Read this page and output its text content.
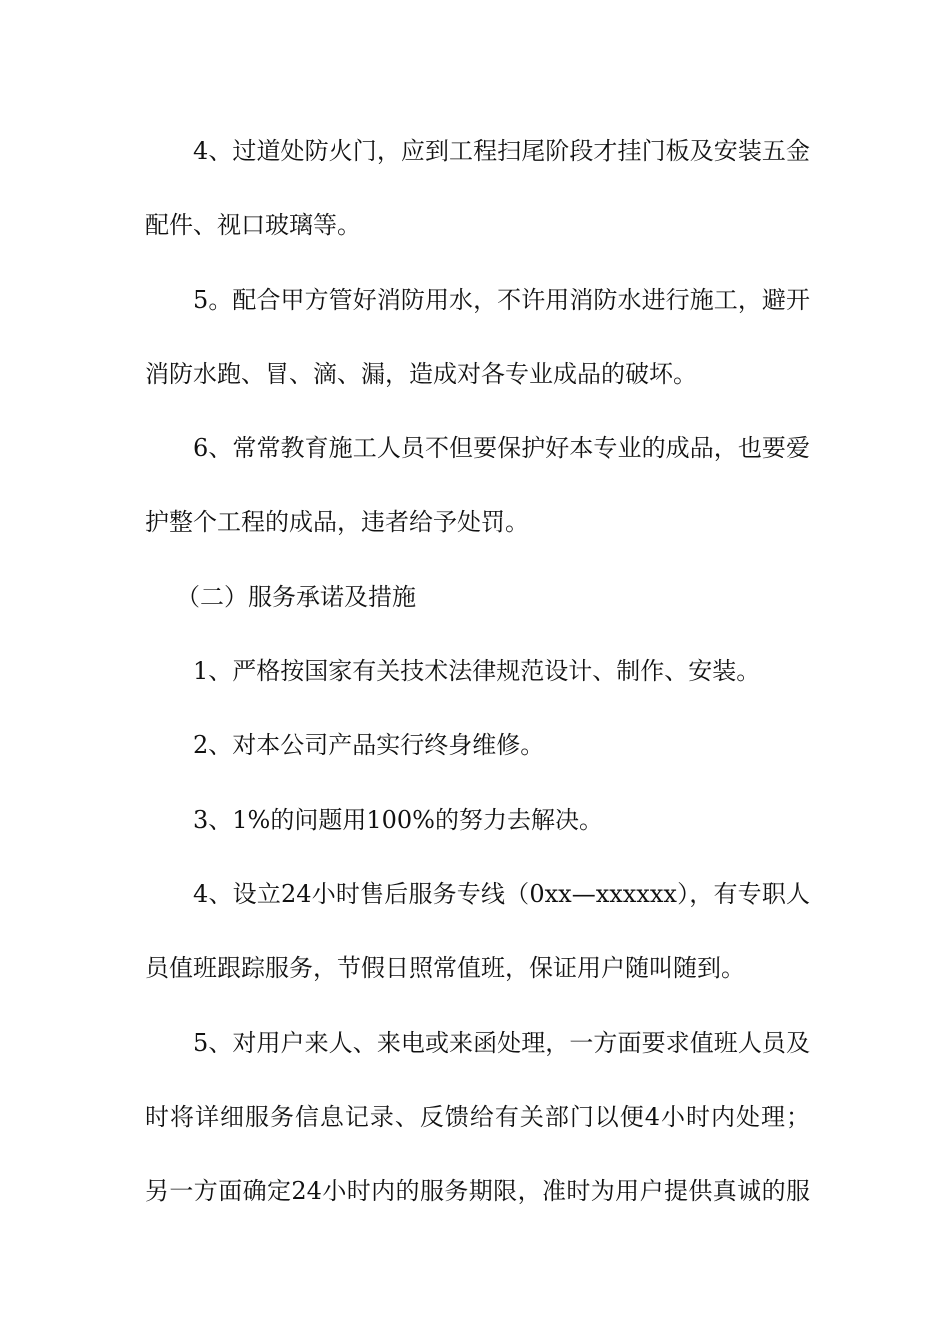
4、过道处防火门，应到工程扫尾阶段才挂门板及安装五金

配件、视口玻璃等。

5。配合甲方管好消防用水，不许用消防水进行施工，避开

消防水跑、冒、滴、漏，造成对各专业成品的破坏。

6、常常教育施工人员不但要保护好本专业的成品，也要爱

护整个工程的成品，违者给予处罚。

（二）服务承诺及措施

1、严格按国家有关技术法律规范设计、制作、安装。

2、对本公司产品实行终身维修。

3、1%的问题用100%的努力去解决。

4、设立24小时售后服务专线（0xx—xxxxxx），有专职人

员值班跟踪服务，节假日照常值班，保证用户随叫随到。

5、对用户来人、来电或来函处理，一方面要求值班人员及

时将详细服务信息记录、反馈给有关部门以便4小时内处理；

另一方面确定24小时内的服务期限，准时为用户提供真诚的服
